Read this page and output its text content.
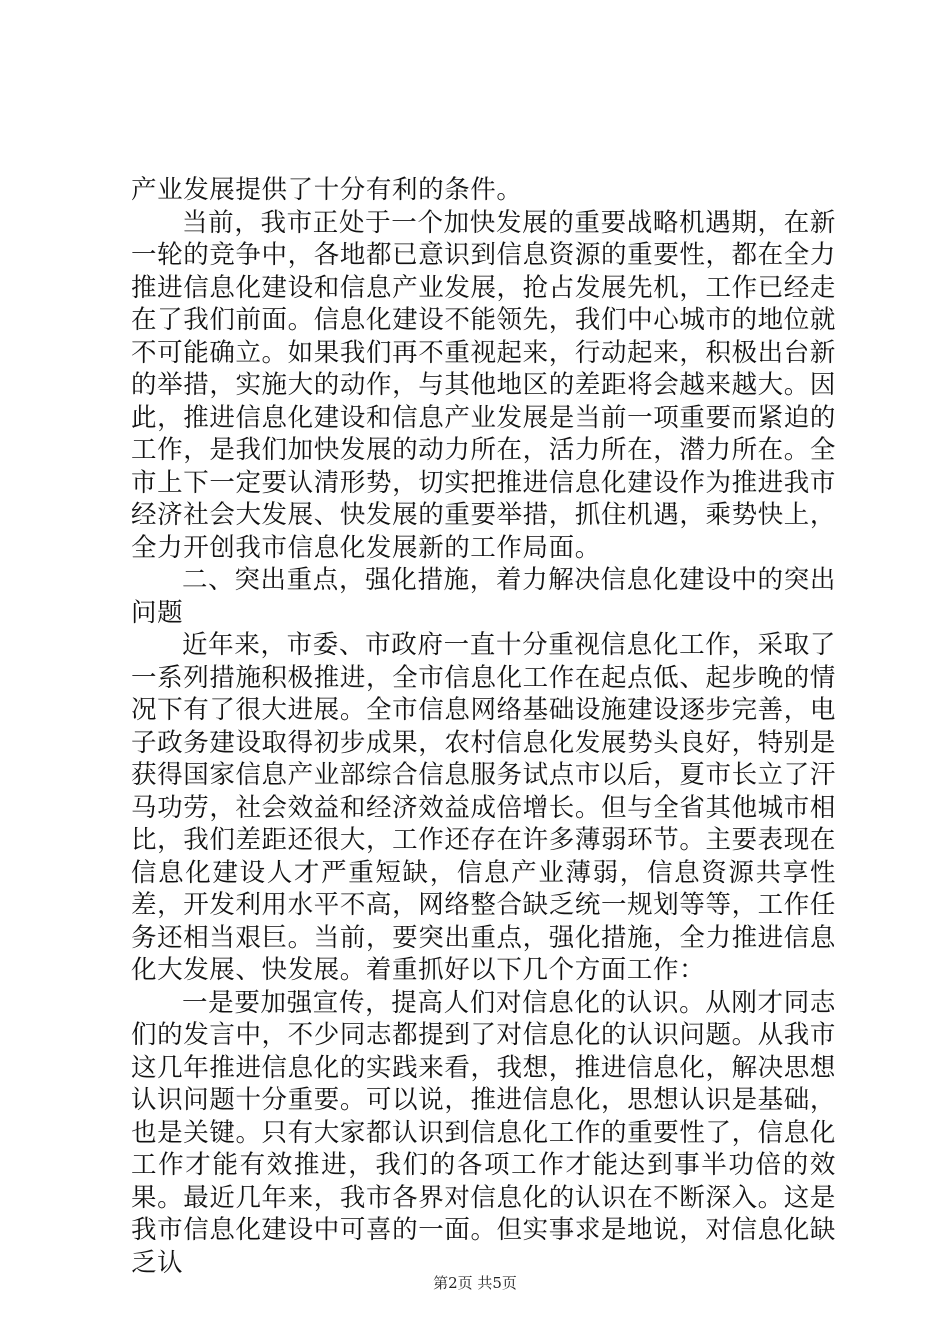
产业发展提供了十分有利的条件。

当前，我市正处于一个加快发展的重要战略机遇期，在新一轮的竞争中，各地都已意识到信息资源的重要性，都在全力推进信息化建设和信息产业发展，抢占发展先机，工作已经走在了我们前面。信息化建设不能领先，我们中心城市的地位就不可能确立。如果我们再不重视起来，行动起来，积极出台新的举措，实施大的动作，与其他地区的差距将会越来越大。因此，推进信息化建设和信息产业发展是当前一项重要而紧迫的工作，是我们加快发展的动力所在，活力所在，潜力所在。全市上下一定要认清形势，切实把推进信息化建设作为推进我市经济社会大发展、快发展的重要举措，抓住机遇，乘势快上，全力开创我市信息化发展新的工作局面。

二、突出重点，强化措施，着力解决信息化建设中的突出问题

近年来，市委、市政府一直十分重视信息化工作，采取了一系列措施积极推进，全市信息化工作在起点低、起步晚的情况下有了很大进展。全市信息网络基础设施建设逐步完善，电子政务建设取得初步成果，农村信息化发展势头良好，特别是获得国家信息产业部综合信息服务试点市以后，夏市长立了汗马功劳，社会效益和经济效益成倍增长。但与全省其他城市相比，我们差距还很大，工作还存在许多薄弱环节。主要表现在信息化建设人才严重短缺，信息产业薄弱，信息资源共享性差，开发利用水平不高，网络整合缺乏统一规划等等，工作任务还相当艰巨。当前，要突出重点，强化措施，全力推进信息化大发展、快发展。着重抓好以下几个方面工作：

一是要加强宣传，提高人们对信息化的认识。从刚才同志们的发言中，不少同志都提到了对信息化的认识问题。从我市这几年推进信息化的实践来看，我想，推进信息化，解决思想认识问题十分重要。可以说，推进信息化，思想认识是基础，也是关键。只有大家都认识到信息化工作的重要性了，信息化工作才能有效推进，我们的各项工作才能达到事半功倍的效果。最近几年来，我市各界对信息化的认识在不断深入。这是我市信息化建设中可喜的一面。但实事求是地说，对信息化缺乏认

第2页 共5页
